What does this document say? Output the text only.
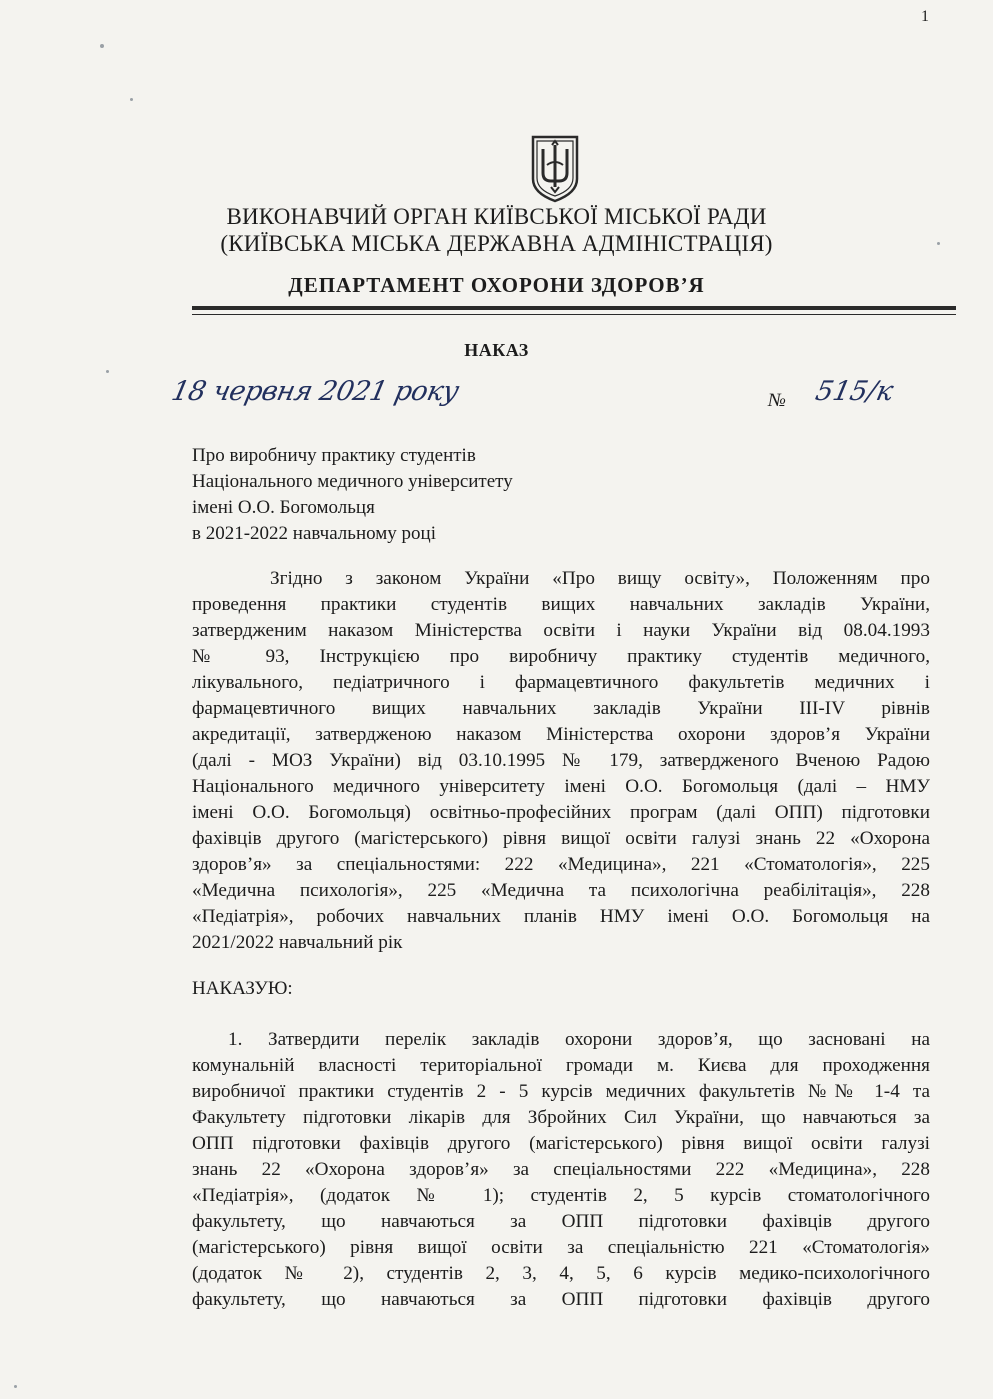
1
ВИКОНАВЧИЙ ОРГАН КИЇВСЬКОЇ МІСЬКОЇ РАДИ
(КИЇВСЬКА МІСЬКА ДЕРЖАВНА АДМІНІСТРАЦІЯ)
ДЕПАРТАМЕНТ ОХОРОНИ ЗДОРОВ’Я
НАКАЗ
18 червня 2021 року	№ 515/к
Про виробничу практику студентів
Національного медичного університету
імені О.О. Богомольця
в 2021-2022 навчальному році
Згідно з законом України «Про вищу освіту», Положенням про
проведення практики студентів вищих навчальних закладів України,
затвердженим наказом Міністерства освіти і науки України від 08.04.1993
№ 93, Інструкцією про виробничу практику студентів медичного,
лікувального, педіатричного і фармацевтичного факультетів медичних і
фармацевтичного вищих навчальних закладів України ІІІ-IV рівнів
акредитації, затвердженою наказом Міністерства охорони здоров’я України
(далі - МОЗ України) від 03.10.1995 № 179, затвердженого Вченою Радою
Національного медичного університету імені О.О. Богомольця (далі – НМУ
імені О.О. Богомольця) освітньо-професійних програм (далі ОПП) підготовки
фахівців другого (магістерського) рівня вищої освіти галузі знань 22 «Охорона
здоров’я» за спеціальностями: 222 «Медицина», 221 «Стоматологія», 225
«Медична психологія», 225 «Медична та психологічна реабілітація», 228
«Педіатрія», робочих навчальних планів НМУ імені О.О. Богомольця на
2021/2022 навчальний рік
НАКАЗУЮ:
1. Затвердити перелік закладів охорони здоров’я, що засновані на
комунальній власності територіальної громади м. Києва для проходження
виробничої практики студентів 2 - 5 курсів медичних факультетів №№ 1-4 та
Факультету підготовки лікарів для Збройних Сил України, що навчаються за
ОПП підготовки фахівців другого (магістерського) рівня вищої освіти галузі
знань 22 «Охорона здоров’я» за спеціальностями 222 «Медицина», 228
«Педіатрія», (додаток № 1); студентів 2, 5 курсів стоматологічного
факультету, що навчаються за ОПП підготовки фахівців другого
(магістерського) рівня вищої освіти за спеціальністю 221 «Стоматологія»
(додаток № 2), студентів 2, 3, 4, 5, 6 курсів медико-психологічного
факультету, що навчаються за ОПП підготовки фахівців другого
